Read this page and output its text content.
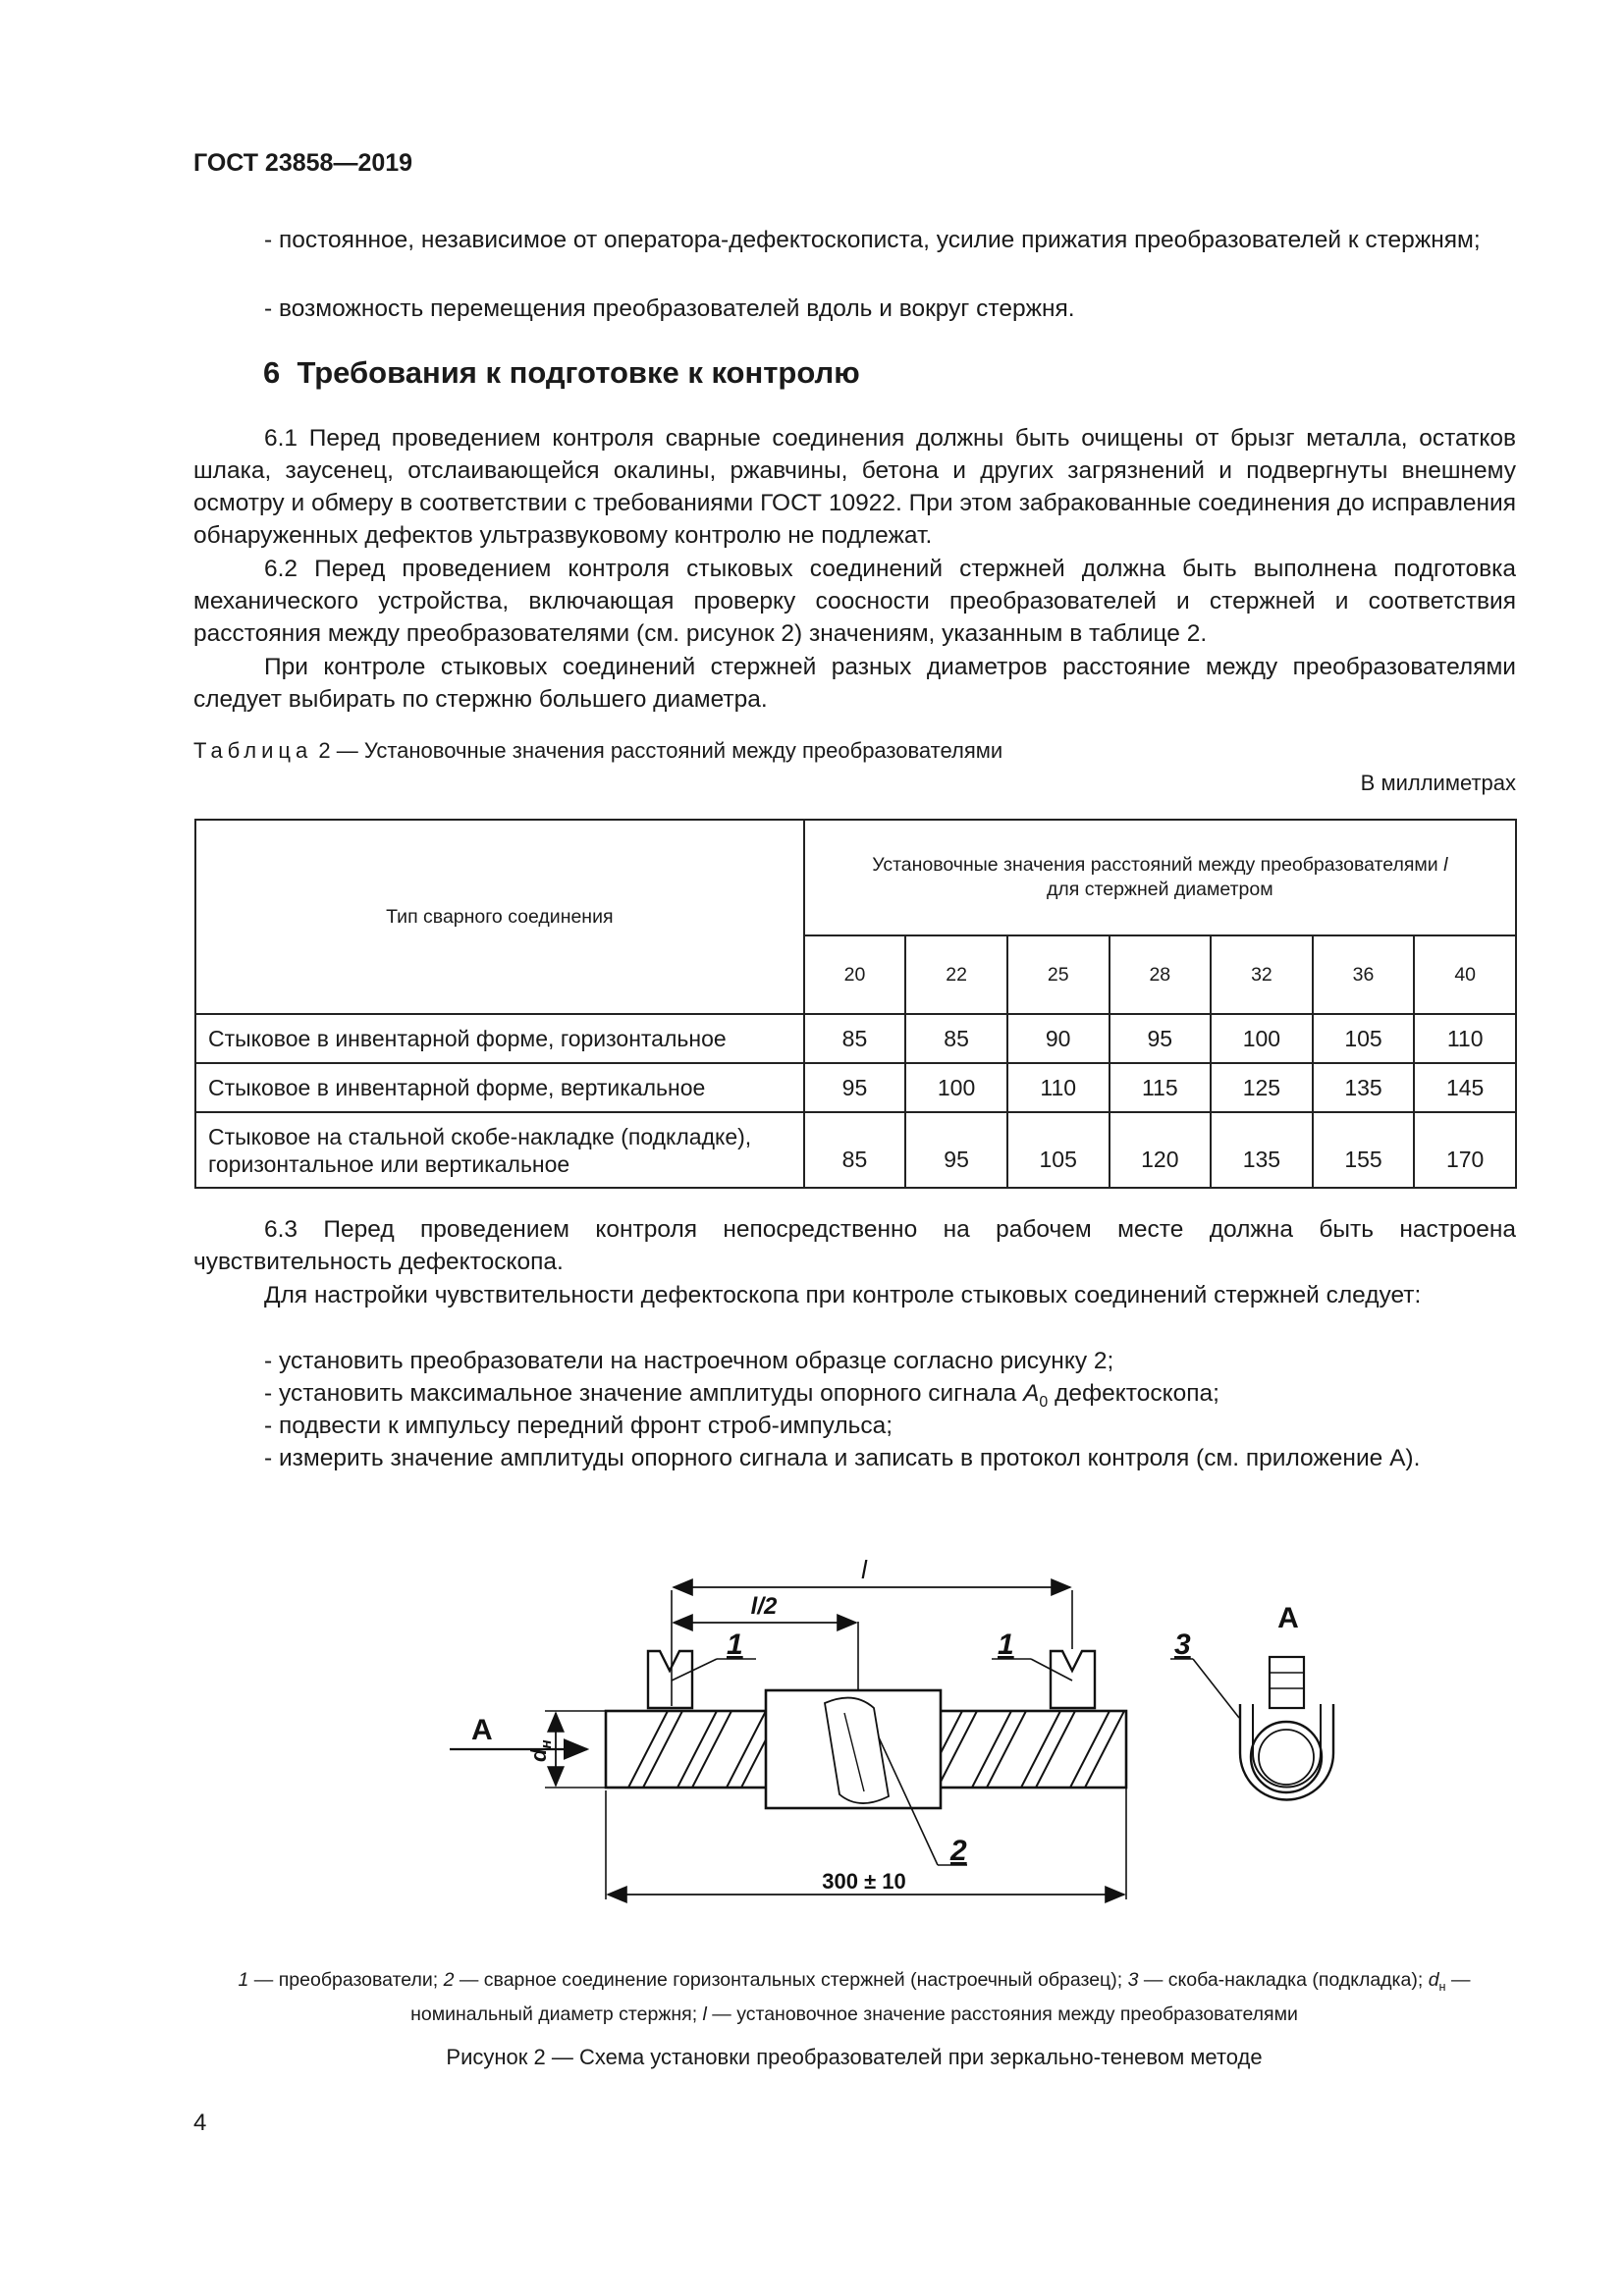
ГОСТ 23858—2019

- постоянное, независимое от оператора-дефектоскописта, усилие прижатия преобразователей к стержням;

- возможность перемещения преобразователей вдоль и вокруг стержня.

6 Требования к подготовке к контролю

6.1 Перед проведением контроля сварные соединения должны быть очищены от брызг металла, остатков шлака, заусенец, отслаивающейся окалины, ржавчины, бетона и других загрязнений и подвергнуты внешнему осмотру и обмеру в соответствии с требованиями ГОСТ 10922. При этом забракованные соединения до исправления обнаруженных дефектов ультразвуковому контролю не подлежат.

6.2 Перед проведением контроля стыковых соединений стержней должна быть выполнена подготовка механического устройства, включающая проверку соосности преобразователей и стержней и соответствия расстояния между преобразователями (см. рисунок 2) значениям, указанным в таблице 2.

При контроле стыковых соединений стержней разных диаметров расстояние между преобразователями следует выбирать по стержню большего диаметра.

Таблица 2 — Установочные значения расстояний между преобразователями
В миллиметрах
Тип сварного соединения	Установочные значения расстояний между преобразователями l
для стержней диаметром						
	20	22	25	28	32	36	40
Стыковое в инвентарной форме, горизонтальное	85	85	90	95	100	105	110
Стыковое в инвентарной форме, вертикальное	95	100	110	115	125	135	145
Стыковое на стальной скобе-накладке (подкладке),
горизонтальное или вертикальное	85	95	105	120	135	155	170

6.3 Перед проведением контроля непосредственно на рабочем месте должна быть настроена чувствительность дефектоскопа.

Для настройки чувствительности дефектоскопа при контроле стыковых соединений стержней следует:

- установить преобразователи на настроечном образце согласно рисунку 2;

- установить максимальное значение амплитуды опорного сигнала $A_0$ дефектоскопа;

- подвести к импульсу передний фронт строб-импульса;

- измерить значение амплитуды опорного сигнала и записать в протокол контроля (см. приложение А).

l
l/2
300 ± 10
А
А
1	1
2
3
$d_н$
1 — преобразователи; 2 — сварное соединение горизонтальных стержней (настроечный образец); 3 — скоба-накладка (подкладка); $d_н$ — номинальный диаметр стержня; l — установочное значение расстояния между преобразователями
Рисунок 2 — Схема установки преобразователей при зеркально-теневом методе
4
